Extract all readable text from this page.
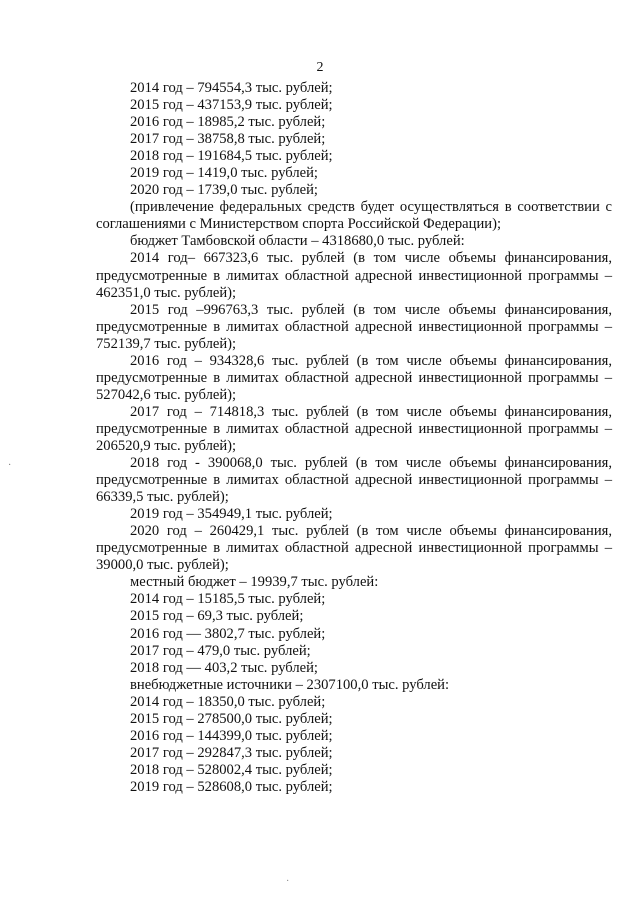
2
2014 год – 794554,3 тыс. рублей;
2015 год – 437153,9 тыс. рублей;
2016 год – 18985,2 тыс. рублей;
2017 год – 38758,8 тыс. рублей;
2018 год – 191684,5 тыс. рублей;
2019 год – 1419,0 тыс. рублей;
2020 год – 1739,0 тыс. рублей;
(привлечение федеральных средств будет осуществляться в соответствии с соглашениями с Министерством спорта Российской Федерации);
бюджет Тамбовской области – 4318680,0 тыс. рублей:
2014 год– 667323,6 тыс. рублей (в том числе объемы финансирования, предусмотренные в лимитах областной адресной инвестиционной программы – 462351,0 тыс. рублей);
2015 год –996763,3 тыс. рублей (в том числе объемы финансирования, предусмотренные в лимитах областной адресной инвестиционной программы – 752139,7 тыс. рублей);
2016 год – 934328,6 тыс. рублей (в том числе объемы финансирования, предусмотренные в лимитах областной адресной инвестиционной программы – 527042,6 тыс. рублей);
2017 год – 714818,3 тыс. рублей (в том числе объемы финансирования, предусмотренные в лимитах областной адресной инвестиционной программы –206520,9 тыс. рублей);
2018 год - 390068,0 тыс. рублей (в том числе объемы финансирования, предусмотренные в лимитах областной адресной инвестиционной программы – 66339,5 тыс. рублей);
2019 год – 354949,1 тыс. рублей;
2020 год – 260429,1 тыс. рублей (в том числе объемы финансирования, предусмотренные в лимитах областной адресной инвестиционной программы –39000,0 тыс. рублей);
местный бюджет – 19939,7 тыс. рублей:
2014 год – 15185,5 тыс. рублей;
2015 год – 69,3 тыс. рублей;
2016 год — 3802,7 тыс. рублей;
2017 год – 479,0 тыс. рублей;
2018 год — 403,2 тыс. рублей;
внебюджетные источники – 2307100,0 тыс. рублей:
2014 год – 18350,0 тыс. рублей;
2015 год – 278500,0 тыс. рублей;
2016 год – 144399,0 тыс. рублей;
2017 год – 292847,3 тыс. рублей;
2018 год – 528002,4 тыс. рублей;
2019 год – 528608,0 тыс. рублей;
·
·
